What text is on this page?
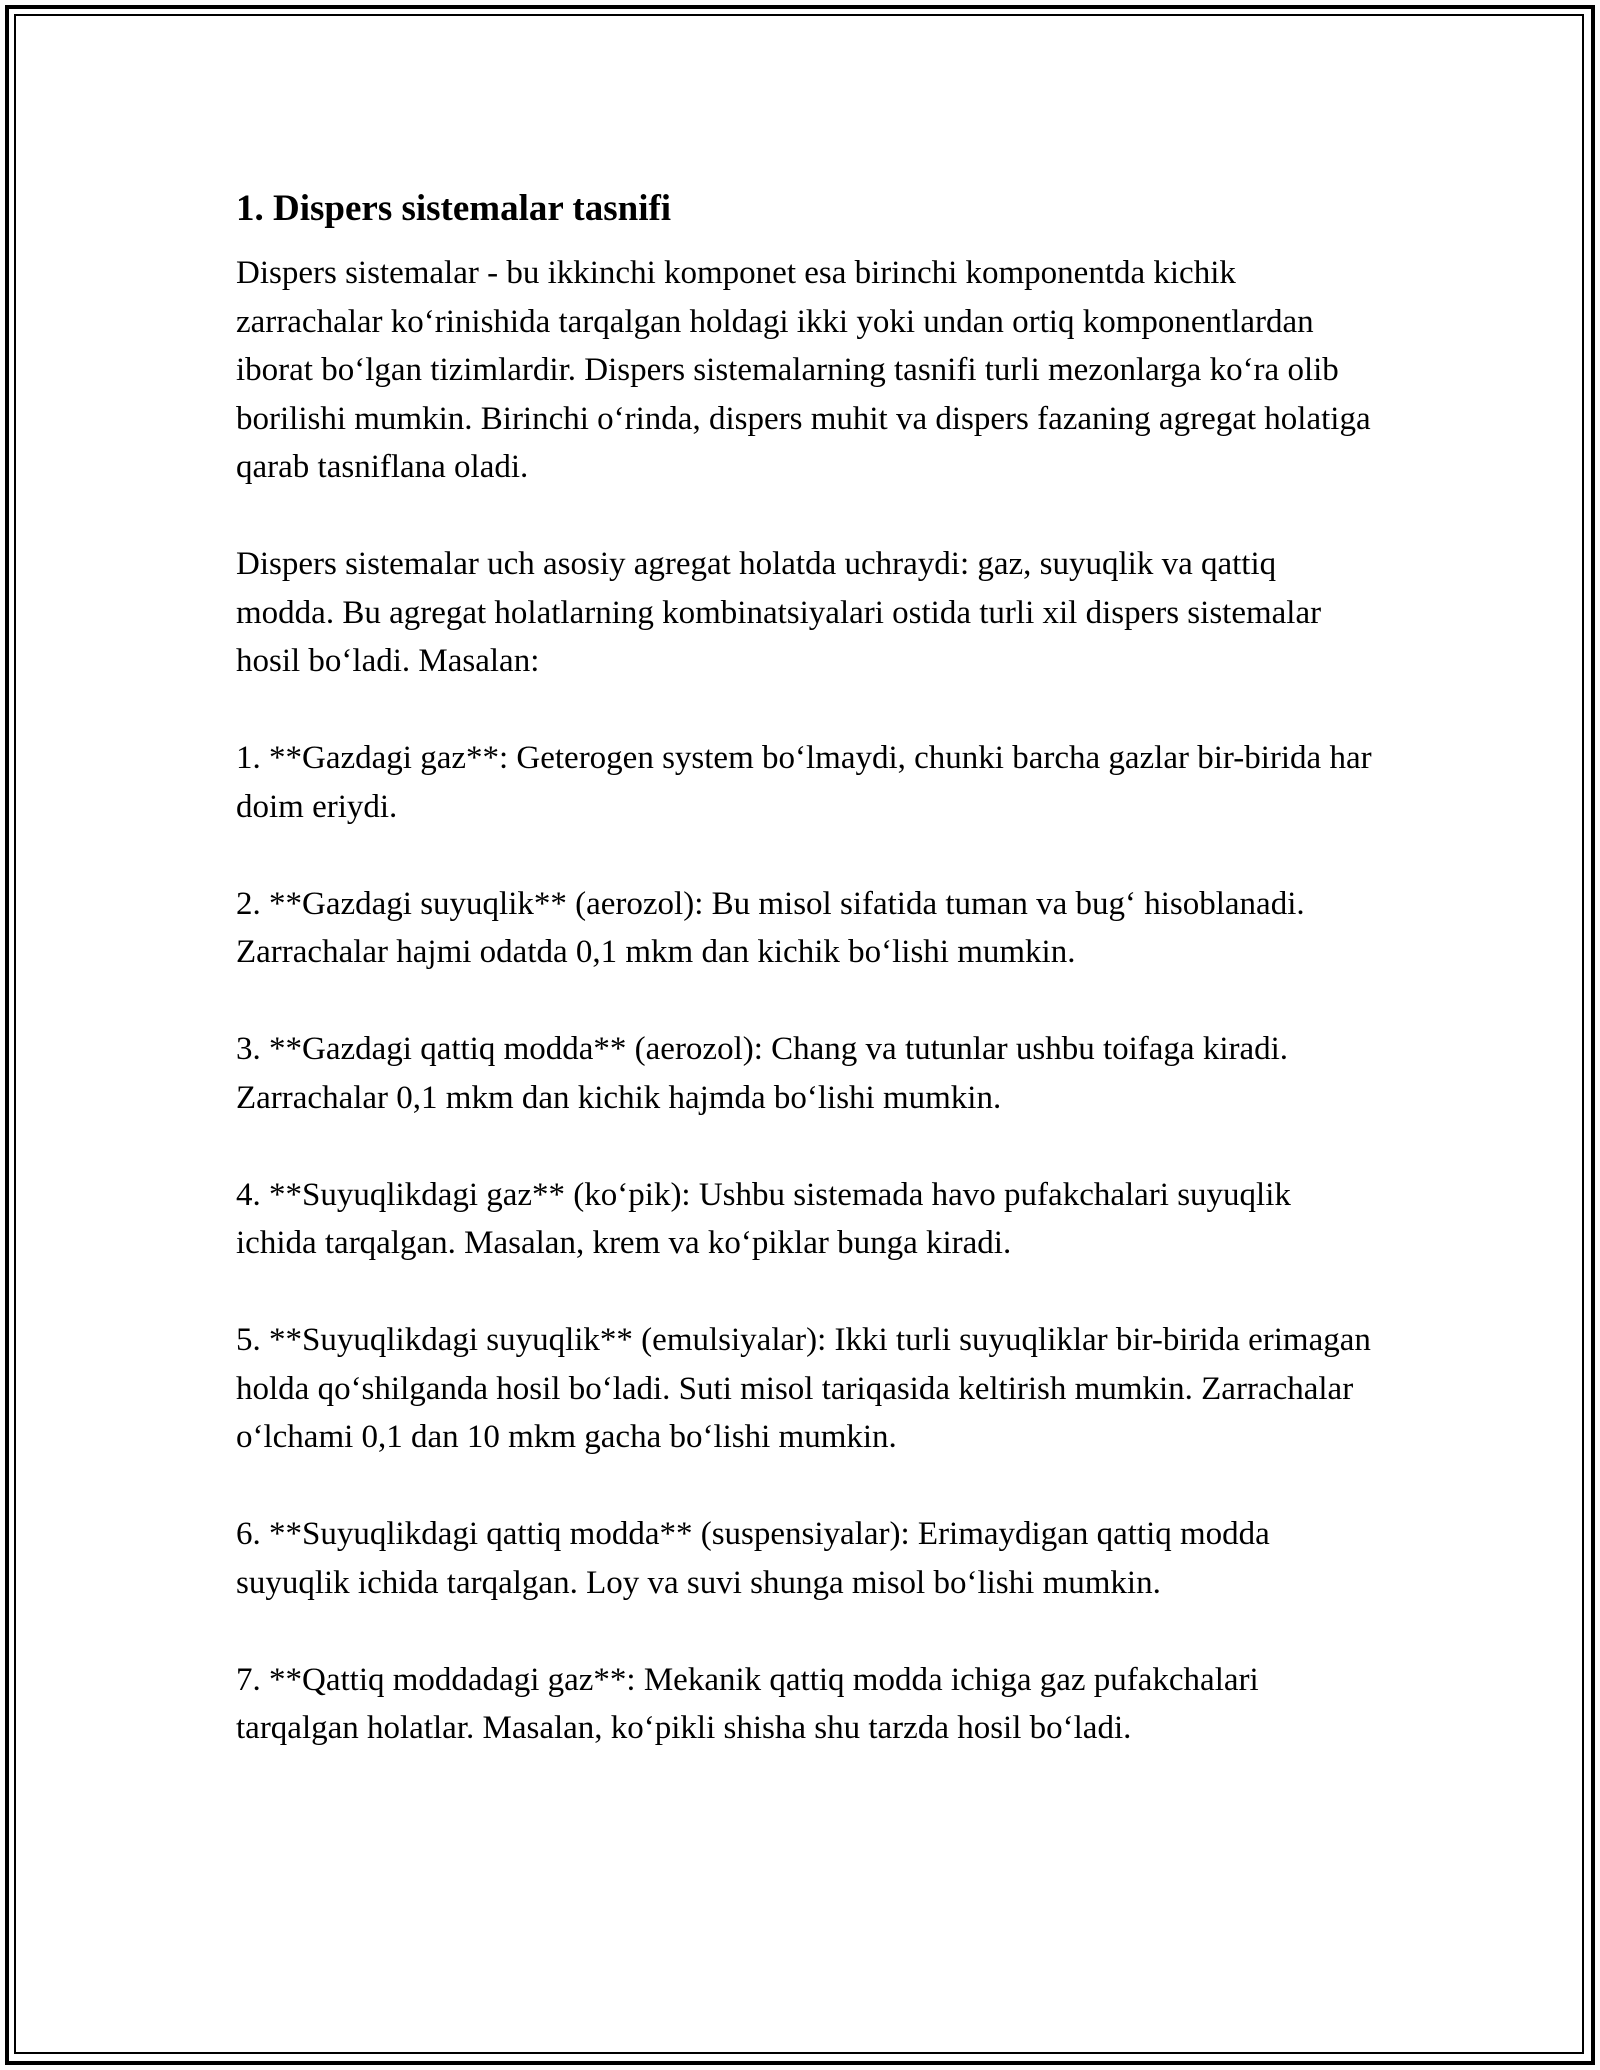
1. Dispers sistemalar tasnifi

Dispers sistemalar - bu ikkinchi komponet esa birinchi komponentda kichik zarrachalar ko‘rinishida tarqalgan holdagi ikki yoki undan ortiq komponentlardan iborat bo‘lgan tizimlardir. Dispers sistemalarning tasnifi turli mezonlarga ko‘ra olib borilishi mumkin. Birinchi o‘rinda, dispers muhit va dispers fazaning agregat holatiga qarab tasniflana oladi.

Dispers sistemalar uch asosiy agregat holatda uchraydi: gaz, suyuqlik va qattiq modda. Bu agregat holatlarning kombinatsiyalari ostida turli xil dispers sistemalar hosil bo‘ladi. Masalan:

1. **Gazdagi gaz**: Geterogen system bo‘lmaydi, chunki barcha gazlar bir-birida har doim eriydi.

2. **Gazdagi suyuqlik** (aerozol): Bu misol sifatida tuman va bug‘ hisoblanadi. Zarrachalar hajmi odatda 0,1 mkm dan kichik bo‘lishi mumkin.

3. **Gazdagi qattiq modda** (aerozol): Chang va tutunlar ushbu toifaga kiradi. Zarrachalar 0,1 mkm dan kichik hajmda bo‘lishi mumkin.

4. **Suyuqlikdagi gaz** (ko‘pik): Ushbu sistemada havo pufakchalari suyuqlik ichida tarqalgan. Masalan, krem va ko‘piklar bunga kiradi.

5. **Suyuqlikdagi suyuqlik** (emulsiyalar): Ikki turli suyuqliklar bir-birida erimagan holda qo‘shilganda hosil bo‘ladi. Suti misol tariqasida keltirish mumkin. Zarrachalar o‘lchami 0,1 dan 10 mkm gacha bo‘lishi mumkin.

6. **Suyuqlikdagi qattiq modda** (suspensiyalar): Erimaydigan qattiq modda suyuqlik ichida tarqalgan. Loy va suvi shunga misol bo‘lishi mumkin.

7. **Qattiq moddadagi gaz**: Mekanik qattiq modda ichiga gaz pufakchalari tarqalgan holatlar. Masalan, ko‘pikli shisha shu tarzda hosil bo‘ladi.
